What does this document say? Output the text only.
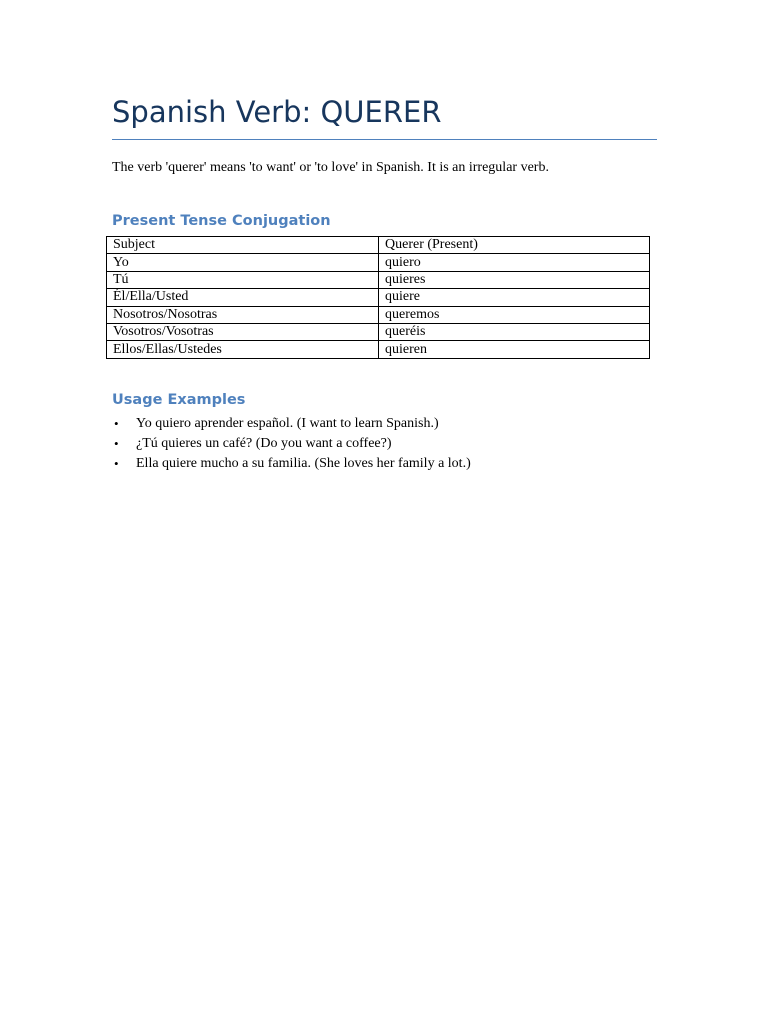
Spanish Verb: QUERER

The verb 'querer' means 'to want' or 'to love' in Spanish. It is an irregular verb.

Present Tense Conjugation
Subject	Querer (Present)
Yo	quiero
Tú	quieres
Él/Ella/Usted	quiere
Nosotros/Nosotras	queremos
Vosotros/Vosotras	queréis
Ellos/Ellas/Ustedes	quieren
Usage Examples
• Yo quiero aprender español. (I want to learn Spanish.)
• ¿Tú quieres un café? (Do you want a coffee?)
• Ella quiere mucho a su familia. (She loves her family a lot.)
